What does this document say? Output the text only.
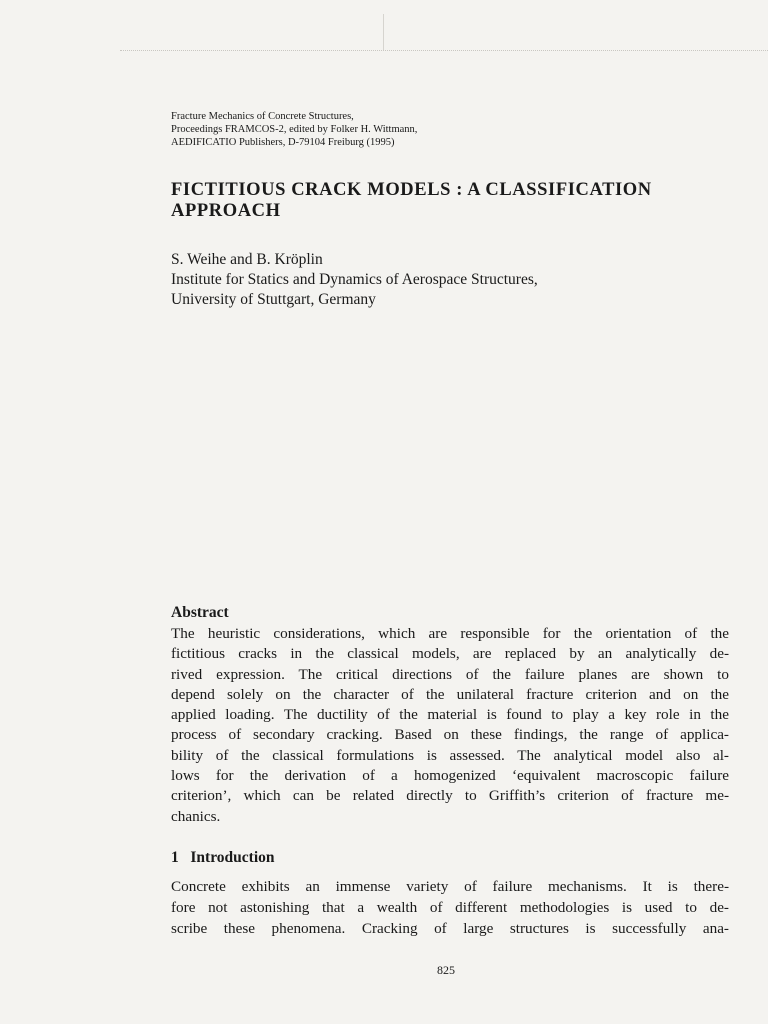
Fracture Mechanics of Concrete Structures,
Proceedings FRAMCOS-2, edited by Folker H. Wittmann,
AEDIFICATIO Publishers, D-79104 Freiburg (1995)
FICTITIOUS CRACK MODELS : A CLASSIFICATION
APPROACH
S. Weihe and B. Kröplin
Institute for Statics and Dynamics of Aerospace Structures,
University of Stuttgart, Germany
Abstract
The heuristic considerations, which are responsible for the orientation of the
fictitious cracks in the classical models, are replaced by an analytically de-
rived expression. The critical directions of the failure planes are shown to
depend solely on the character of the unilateral fracture criterion and on the
applied loading. The ductility of the material is found to play a key role in the
process of secondary cracking. Based on these findings, the range of applica-
bility of the classical formulations is assessed. The analytical model also al-
lows for the derivation of a homogenized ‘equivalent macroscopic failure
criterion’, which can be related directly to Griffith’s criterion of fracture me-
chanics.
1   Introduction
Concrete exhibits an immense variety of failure mechanisms. It is there-
fore not astonishing that a wealth of different methodologies is used to de-
scribe these phenomena. Cracking of large structures is successfully ana-
825
